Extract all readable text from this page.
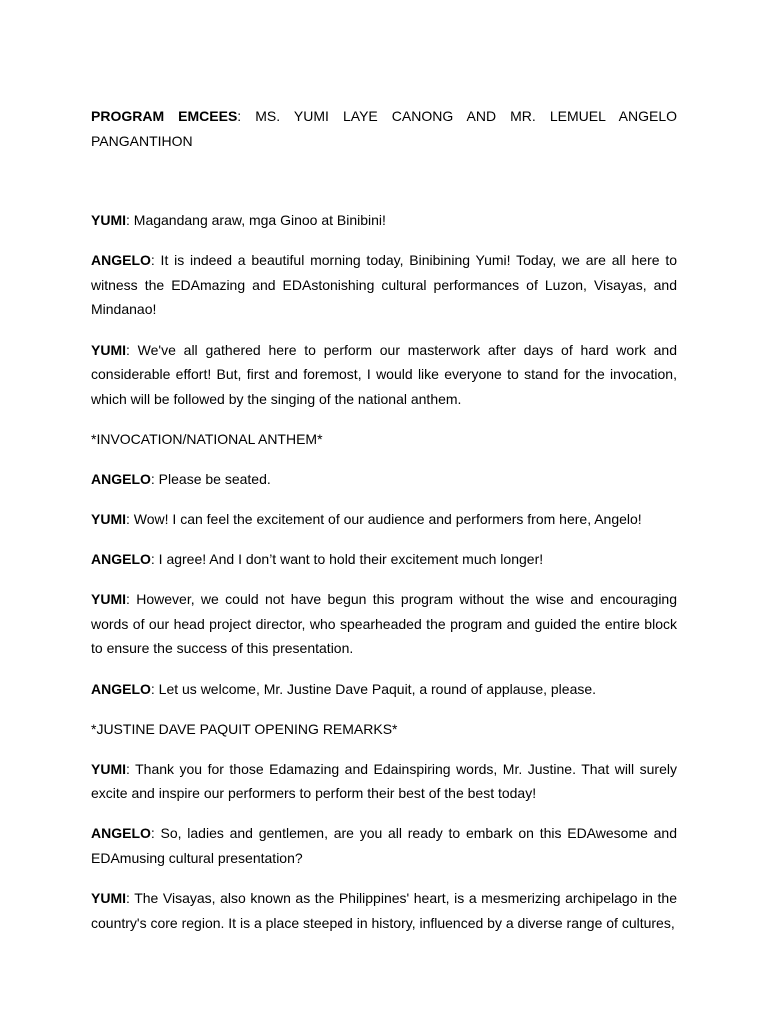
PROGRAM EMCEES: MS. YUMI LAYE CANONG AND MR. LEMUEL ANGELO PANGANTIHON

YUMI: Magandang araw, mga Ginoo at Binibini!

ANGELO: It is indeed a beautiful morning today, Binibining Yumi! Today, we are all here to witness the EDAmazing and EDAstonishing cultural performances of Luzon, Visayas, and Mindanao!

YUMI: We've all gathered here to perform our masterwork after days of hard work and considerable effort! But, first and foremost, I would like everyone to stand for the invocation, which will be followed by the singing of the national anthem.

*INVOCATION/NATIONAL ANTHEM*

ANGELO: Please be seated.

YUMI: Wow! I can feel the excitement of our audience and performers from here, Angelo!

ANGELO: I agree! And I don’t want to hold their excitement much longer!

YUMI: However, we could not have begun this program without the wise and encouraging words of our head project director, who spearheaded the program and guided the entire block to ensure the success of this presentation.

ANGELO: Let us welcome, Mr. Justine Dave Paquit, a round of applause, please.

*JUSTINE DAVE PAQUIT OPENING REMARKS*

YUMI: Thank you for those Edamazing and Edainspiring words, Mr. Justine. That will surely excite and inspire our performers to perform their best of the best today!

ANGELO: So, ladies and gentlemen, are you all ready to embark on this EDAwesome and EDAmusing cultural presentation?

YUMI: The Visayas, also known as the Philippines' heart, is a mesmerizing archipelago in the country's core region. It is a place steeped in history, influenced by a diverse range of cultures,
